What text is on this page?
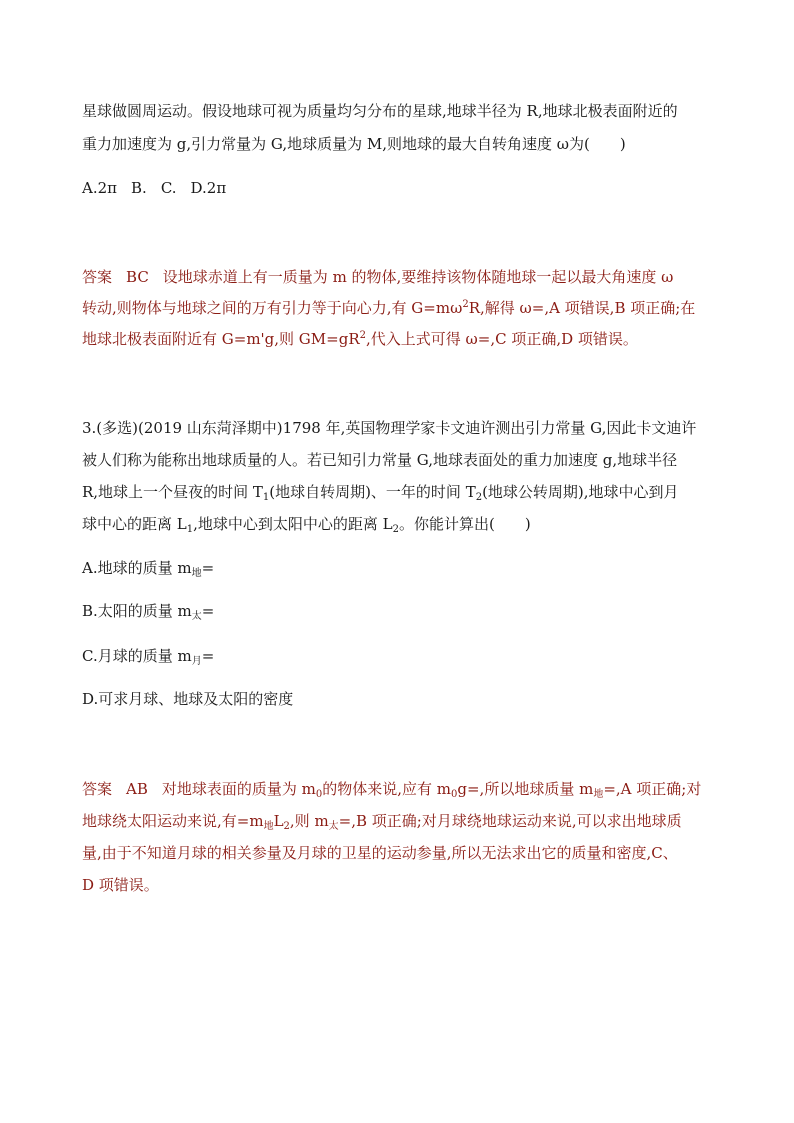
星球做圆周运动。假设地球可视为质量均匀分布的星球,地球半径为 R,地球北极表面附近的
重力加速度为 g,引力常量为 G,地球质量为 M,则地球的最大自转角速度 ω为(　　)
A.2π B. C. D.2π
答案 BC 设地球赤道上有一质量为 m 的物体,要维持该物体随地球一起以最大角速度 ω
转动,则物体与地球之间的万有引力等于向心力,有 $G=m\omega^2R$,解得 ω=,A 项错误,B 项正确;在
地球北极表面附近有 G=m'g,则 $GM=gR^2$,代入上式可得 ω=,C 项正确,D 项错误。
3.(多选)(2019 山东菏泽期中)1798 年,英国物理学家卡文迪许测出引力常量 G,因此卡文迪许
被人们称为能称出地球质量的人。若已知引力常量 G,地球表面处的重力加速度 g,地球半径
R,地球上一个昼夜的时间 $T_1$(地球自转周期)、一年的时间 $T_2$(地球公转周期),地球中心到月
球中心的距离 $L_1$,地球中心到太阳中心的距离 $L_2$。你能计算出(　　)
A.地球的质量 $m_地=$
B.太阳的质量 $m_太=$
C.月球的质量 $m_月=$
D.可求月球、地球及太阳的密度
答案 AB 对地球表面的质量为 $m_0$的物体来说,应有 $m_0g=$,所以地球质量 $m_地=,A$ 项正确;对
地球绕太阳运动来说,有$=m_地L_2$,则 $m_太=,B$ 项正确;对月球绕地球运动来说,可以求出地球质
量,由于不知道月球的相关参量及月球的卫星的运动参量,所以无法求出它的质量和密度,C、
D 项错误。
